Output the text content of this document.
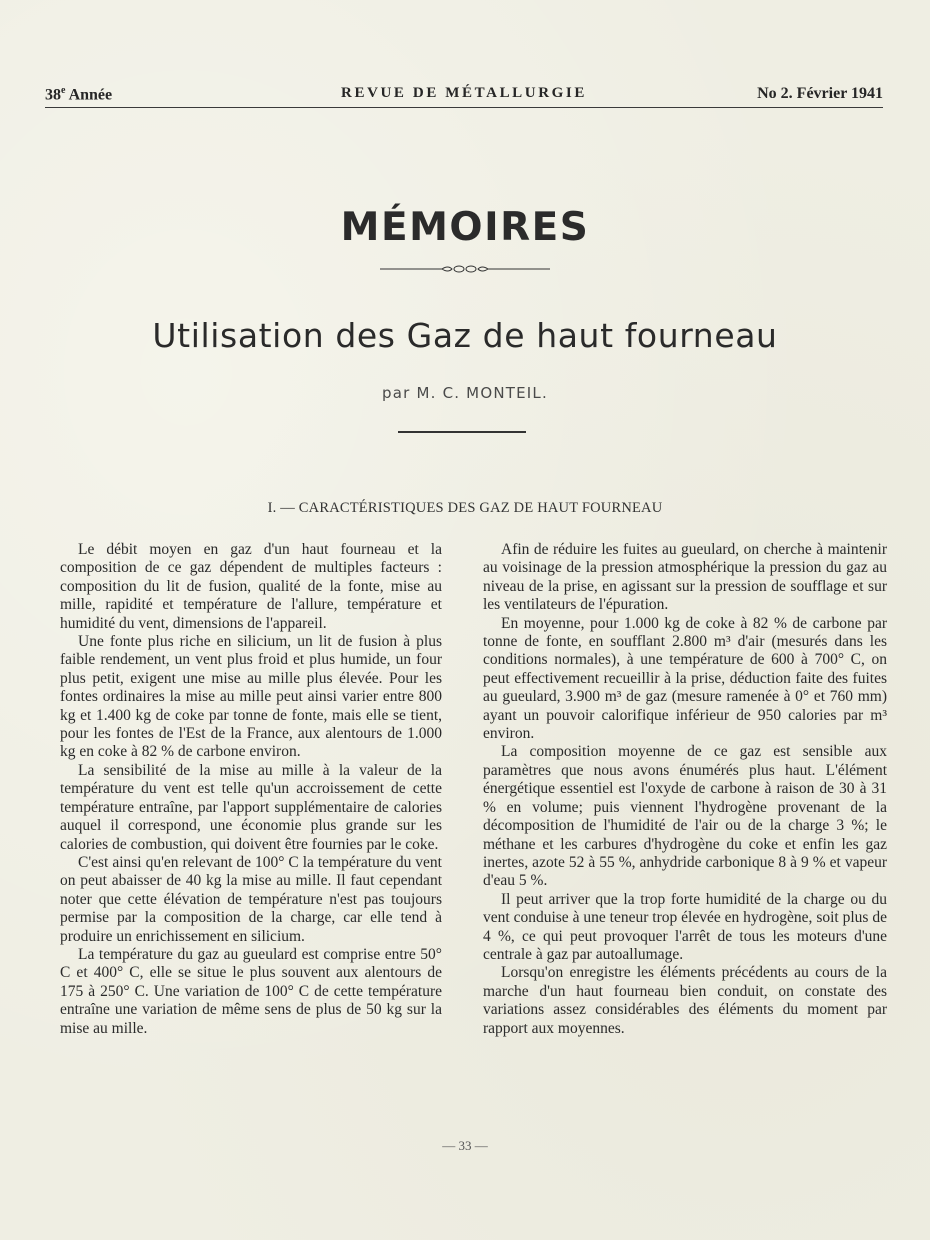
38e Année	REVUE DE MÉTALLURGIE	No 2. Février 1941
MÉMOIRES
Utilisation des Gaz de haut fourneau
par M. C. MONTEIL.
I. — CARACTÉRISTIQUES DES GAZ DE HAUT FOURNEAU

Le débit moyen en gaz d'un haut fourneau et la composition de ce gaz dépendent de multiples facteurs : composition du lit de fusion, qualité de la fonte, mise au mille, rapidité et température de l'allure, température et humidité du vent, dimensions de l'appareil.

Une fonte plus riche en silicium, un lit de fusion à plus faible rendement, un vent plus froid et plus humide, un four plus petit, exigent une mise au mille plus élevée. Pour les fontes ordinaires la mise au mille peut ainsi varier entre 800 kg et 1.400 kg de coke par tonne de fonte, mais elle se tient, pour les fontes de l'Est de la France, aux alentours de 1.000 kg en coke à 82 % de carbone environ.

La sensibilité de la mise au mille à la valeur de la température du vent est telle qu'un accroissement de cette température entraîne, par l'apport supplémentaire de calories auquel il correspond, une économie plus grande sur les calories de combustion, qui doivent être fournies par le coke.

C'est ainsi qu'en relevant de 100° C la température du vent on peut abaisser de 40 kg la mise au mille. Il faut cependant noter que cette élévation de température n'est pas toujours permise par la composition de la charge, car elle tend à produire un enrichissement en silicium.

La température du gaz au gueulard est comprise entre 50° C et 400° C, elle se situe le plus souvent aux alentours de 175 à 250° C. Une variation de 100° C de cette température entraîne une variation de même sens de plus de 50 kg sur la mise au mille.

Afin de réduire les fuites au gueulard, on cherche à maintenir au voisinage de la pression atmosphérique la pression du gaz au niveau de la prise, en agissant sur la pression de soufflage et sur les ventilateurs de l'épuration.

En moyenne, pour 1.000 kg de coke à 82 % de carbone par tonne de fonte, en soufflant 2.800 m³ d'air (mesurés dans les conditions normales), à une température de 600 à 700° C, on peut effectivement recueillir à la prise, déduction faite des fuites au gueulard, 3.900 m³ de gaz (mesure ramenée à 0° et 760 mm) ayant un pouvoir calorifique inférieur de 950 calories par m³ environ.

La composition moyenne de ce gaz est sensible aux paramètres que nous avons énumérés plus haut. L'élément énergétique essentiel est l'oxyde de carbone à raison de 30 à 31 % en volume; puis viennent l'hydrogène provenant de la décomposition de l'humidité de l'air ou de la charge 3 %; le méthane et les carbures d'hydrogène du coke et enfin les gaz inertes, azote 52 à 55 %, anhydride carbonique 8 à 9 % et vapeur d'eau 5 %.

Il peut arriver que la trop forte humidité de la charge ou du vent conduise à une teneur trop élevée en hydrogène, soit plus de 4 %, ce qui peut provoquer l'arrêt de tous les moteurs d'une centrale à gaz par autoallumage.

Lorsqu'on enregistre les éléments précédents au cours de la marche d'un haut fourneau bien conduit, on constate des variations assez considérables des éléments du moment par rapport aux moyennes.

— 33 —
